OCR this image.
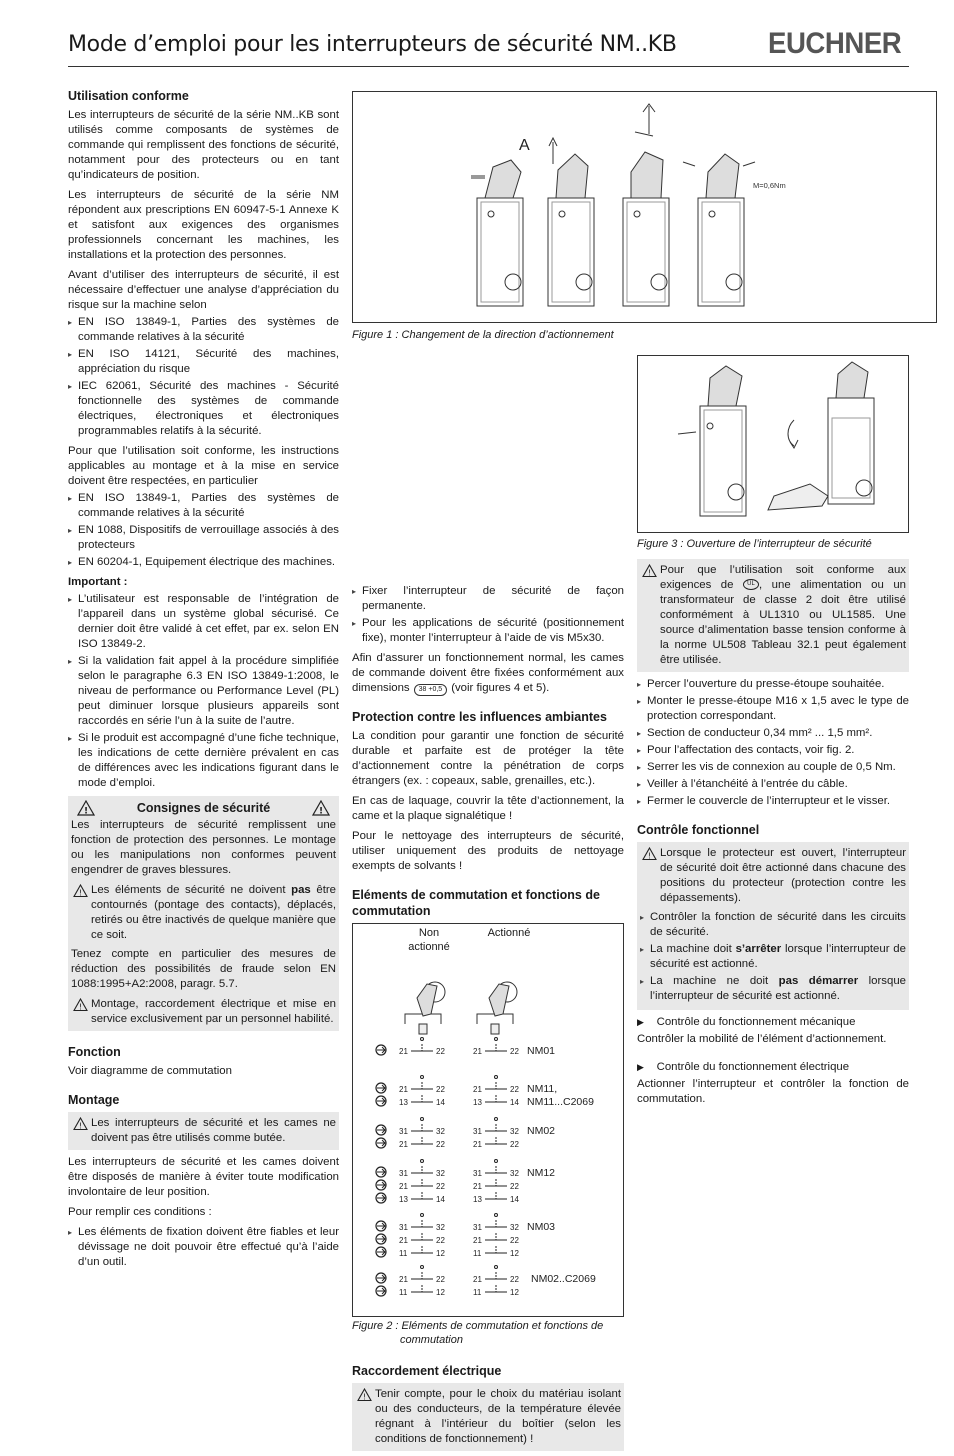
Mode d’emploi pour les interrupteurs de sécurité NM..KB	EUCHNER
Utilisation conforme

Les interrupteurs de sécurité de la série NM..KB sont utilisés comme composants de systèmes de commande qui remplissent des fonctions de sécurité, notamment pour des protecteurs ou en tant qu’indicateurs de position.

Les interrupteurs de sécurité de la série NM répondent aux prescriptions EN 60947-5-1 Annexe K et satisfont aux exigences des organismes professionnels concernant les machines, les installations et la protection des personnes.

Avant d’utiliser des interrupteurs de sécurité, il est nécessaire d’effectuer une analyse d’appréciation du risque sur la machine selon

▸ EN ISO 13849-1, Parties des systèmes de commande relatives à la sécurité
▸ EN ISO 14121, Sécurité des machines, appréciation du risque
▸ IEC 62061, Sécurité des machines - Sécurité fonctionnelle des systèmes de commande électriques, électroniques et électroniques programmables relatifs à la sécurité.

Pour que l’utilisation soit conforme, les instructions applicables au montage et à la mise en service doivent être respectées, en particulier

▸ EN ISO 13849-1, Parties des systèmes de commande relatives à la sécurité
▸ EN 1088, Dispositifs de verrouillage associés à des protecteurs
▸ EN 60204-1, Equipement électrique des machines.
Important :
▸ L’utilisateur est responsable de l’intégration de l’appareil dans un système global sécurisé. Ce dernier doit être validé à cet effet, par ex. selon EN ISO 13849-2.
▸ Si la validation fait appel à la procédure simplifiée selon le paragraphe 6.3 EN ISO 13849-1:2008, le niveau de performance ou Performance Level (PL) peut diminuer lorsque plusieurs appareils sont raccordés en série l’un à la suite de l’autre.
▸ Si le produit est accompagné d’une fiche technique, les indications de cette dernière prévalent en cas de différences avec les indications figurant dans le mode d’emploi.
!	Consignes de sécurité	!

Les interrupteurs de sécurité remplissent une fonction de protection des personnes. Le montage ou les manipulations non conformes peuvent engendrer de graves blessures.

! Les éléments de sécurité ne doivent pas être contournés (pontage des contacts), déplacés, retirés ou être inactivés de quelque manière que ce soit.

Tenez compte en particulier des mesures de réduction des possibilités de fraude selon EN 1088:1995+A2:2008, paragr. 5.7.

! Montage, raccordement électrique et mise en service exclusivement par un personnel habilité.
Fonction

Voir diagramme de commutation

Montage
! Les interrupteurs de sécurité et les cames ne doivent pas être utilisés comme butée.

Les interrupteurs de sécurité et les cames doivent être disposés de manière à éviter toute modification involontaire de leur position.

Pour remplir ces conditions :

▸ Les éléments de fixation doivent être fiables et leur dévissage ne doit pouvoir être effectué qu’à l’aide d’un outil.
A
M=0,6Nm
Figure 1 : Changement de la direction d’actionnement
▸ Fixer l’interrupteur de sécurité de façon permanente.
▸ Pour les applications de sécurité (positionnement fixe), monter l’interrupteur à l’aide de vis M5x30.

Afin d’assurer un fonctionnement normal, les cames de commande doivent être fixées conformément aux dimensions 38 +0,5 (voir figures 4 et 5).

Protection contre les influences ambiantes

La condition pour garantir une fonction de sécurité durable et parfaite est de protéger la tête d’actionnement contre la pénétration de corps étrangers (ex. : copeaux, sable, grenailles, etc.).

En cas de laquage, couvrir la tête d’actionnement, la came et la plaque signalétique !

Pour le nettoyage des interrupteurs de sécurité, utiliser uniquement des produits de nettoyage exempts de solvants !

Eléments de commutation et fonctions de commutation
Non actionné
Actionné
21	22	21	22 NM01
21	22	21	22
13	14	13	14
NM11,
NM11...C2069
31	32	31	32
21	22	21	22
NM02
31	32	31	32
21	22	21	22
13	14	13	14
NM12
31	32	31	32
21	22	21	22
11	12	11	12
NM03
21	22	21	22
11	12	11	12
NM02..C2069
Figure 2 : Eléments de commutation et fonctions de commutation
Raccordement électrique
! Tenir compte, pour le choix du matériau isolant ou des conducteurs, de la température élevée régnant à l’intérieur du boîtier (selon les conditions de fonctionnement) !
Figure 3 : Ouverture de l’interrupteur de sécurité
! Pour que l’utilisation soit conforme aux exigences de UL , une alimentation ou un transformateur de classe 2 doit être utilisé conformément à UL1310 ou UL1585. Une source d’alimentation basse tension conforme à la norme UL508 Tableau 32.1 peut également être utilisée.
▸ Percer l’ouverture du presse-étoupe souhaitée.
▸ Monter le presse-étoupe M16 x 1,5 avec le type de protection correspondant.
▸ Section de conducteur 0,34 mm² ... 1,5 mm².
▸ Pour l’affectation des contacts, voir fig. 2.
▸ Serrer les vis de connexion au couple de 0,5 Nm.
▸ Veiller à l’étanchéité à l’entrée du câble.
▸ Fermer le couvercle de l’interrupteur et le visser.
Contrôle fonctionnel
! Lorsque le protecteur est ouvert, l’interrupteur de sécurité doit être actionné dans chacune des positions du protecteur (protection contre les dépassements).
▸ Contrôler la fonction de sécurité dans les circuits de sécurité.
▸ La machine doit s’arrêter lorsque l’interrupteur de sécurité est actionné.
▸ La machine ne doit pas démarrer lorsque l’interrupteur de sécurité est actionné.
▶ Contrôle du fonctionnement mécanique

Contrôler la mobilité de l’élément d’actionnement.

▶ Contrôle du fonctionnement électrique

Actionner l’interrupteur et contrôler la fonction de commutation.
